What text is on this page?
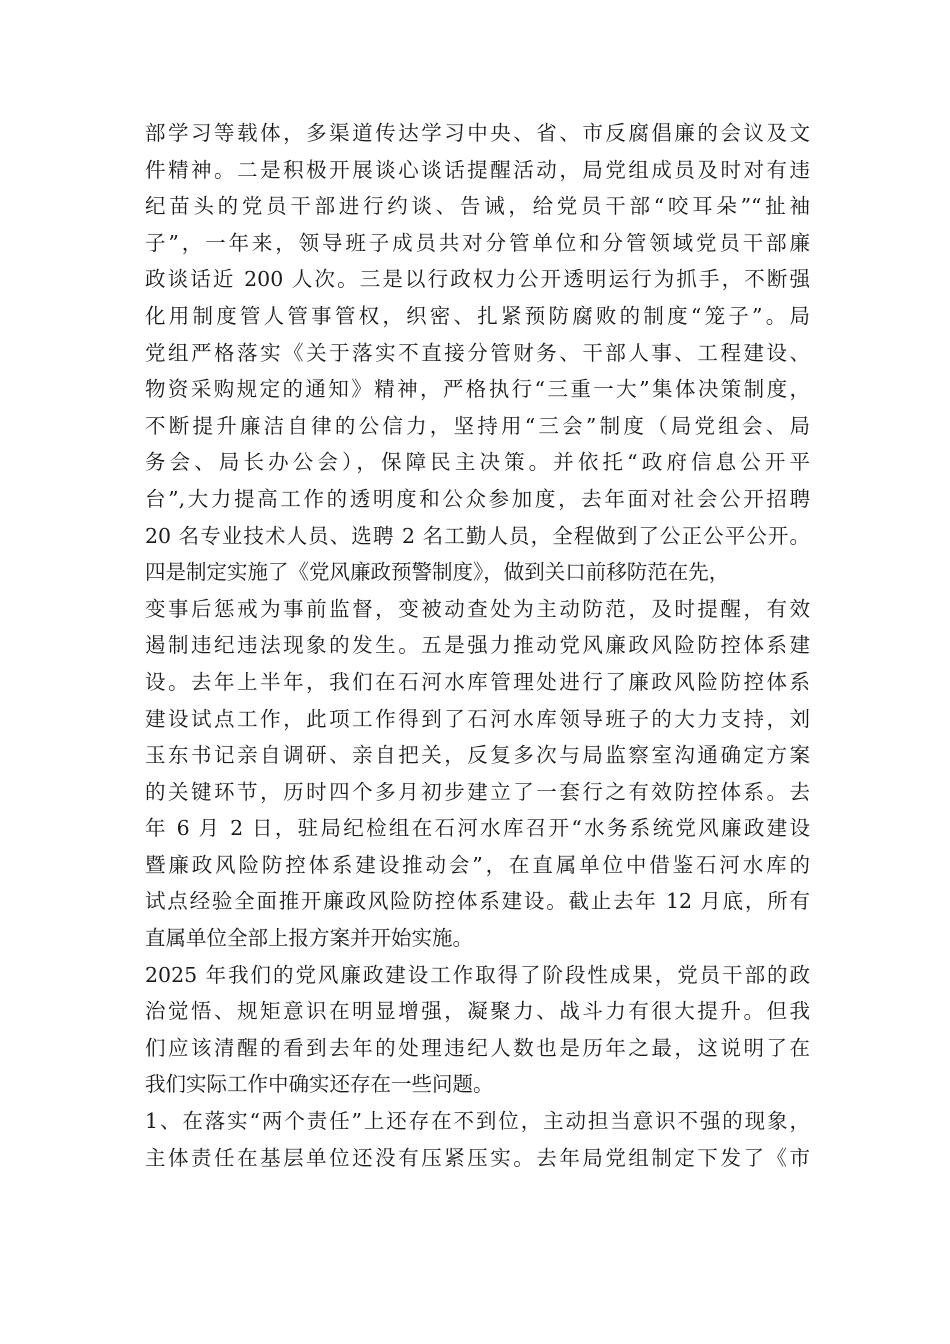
部学习等载体，多渠道传达学习中央、省、市反腐倡廉的会议及文
件精神。二是积极开展谈心谈话提醒活动，局党组成员及时对有违
纪苗头的党员干部进行约谈、告诫，给党员干部“咬耳朵”“扯袖
子”，一年来，领导班子成员共对分管单位和分管领域党员干部廉
政谈话近 200 人次。三是以行政权力公开透明运行为抓手，不断强
化用制度管人管事管权，织密、扎紧预防腐败的制度“笼子”。局
党组严格落实《关于落实不直接分管财务、干部人事、工程建设、
物资采购规定的通知》精神，严格执行“三重一大”集体决策制度，
不断提升廉洁自律的公信力，坚持用“三会”制度（局党组会、局
务会、局长办公会），保障民主决策。并依托“政府信息公开平
台”,大力提高工作的透明度和公众参加度，去年面对社会公开招聘
20 名专业技术人员、选聘 2 名工勤人员，全程做到了公正公平公开。
四是制定实施了《党风廉政预警制度》，做到关口前移防范在先，
变事后惩戒为事前监督，变被动查处为主动防范，及时提醒，有效
遏制违纪违法现象的发生。五是强力推动党风廉政风险防控体系建
设。去年上半年，我们在石河水库管理处进行了廉政风险防控体系
建设试点工作，此项工作得到了石河水库领导班子的大力支持，刘
玉东书记亲自调研、亲自把关，反复多次与局监察室沟通确定方案
的关键环节，历时四个多月初步建立了一套行之有效防控体系。去
年 6 月 2 日，驻局纪检组在石河水库召开“水务系统党风廉政建设
暨廉政风险防控体系建设推动会”，在直属单位中借鉴石河水库的
试点经验全面推开廉政风险防控体系建设。截止去年 12 月底，所有
直属单位全部上报方案并开始实施。
2025 年我们的党风廉政建设工作取得了阶段性成果，党员干部的政
治觉悟、规矩意识在明显增强，凝聚力、战斗力有很大提升。但我
们应该清醒的看到去年的处理违纪人数也是历年之最，这说明了在
我们实际工作中确实还存在一些问题。
1、在落实“两个责任”上还存在不到位，主动担当意识不强的现象，
主体责任在基层单位还没有压紧压实。去年局党组制定下发了《市
